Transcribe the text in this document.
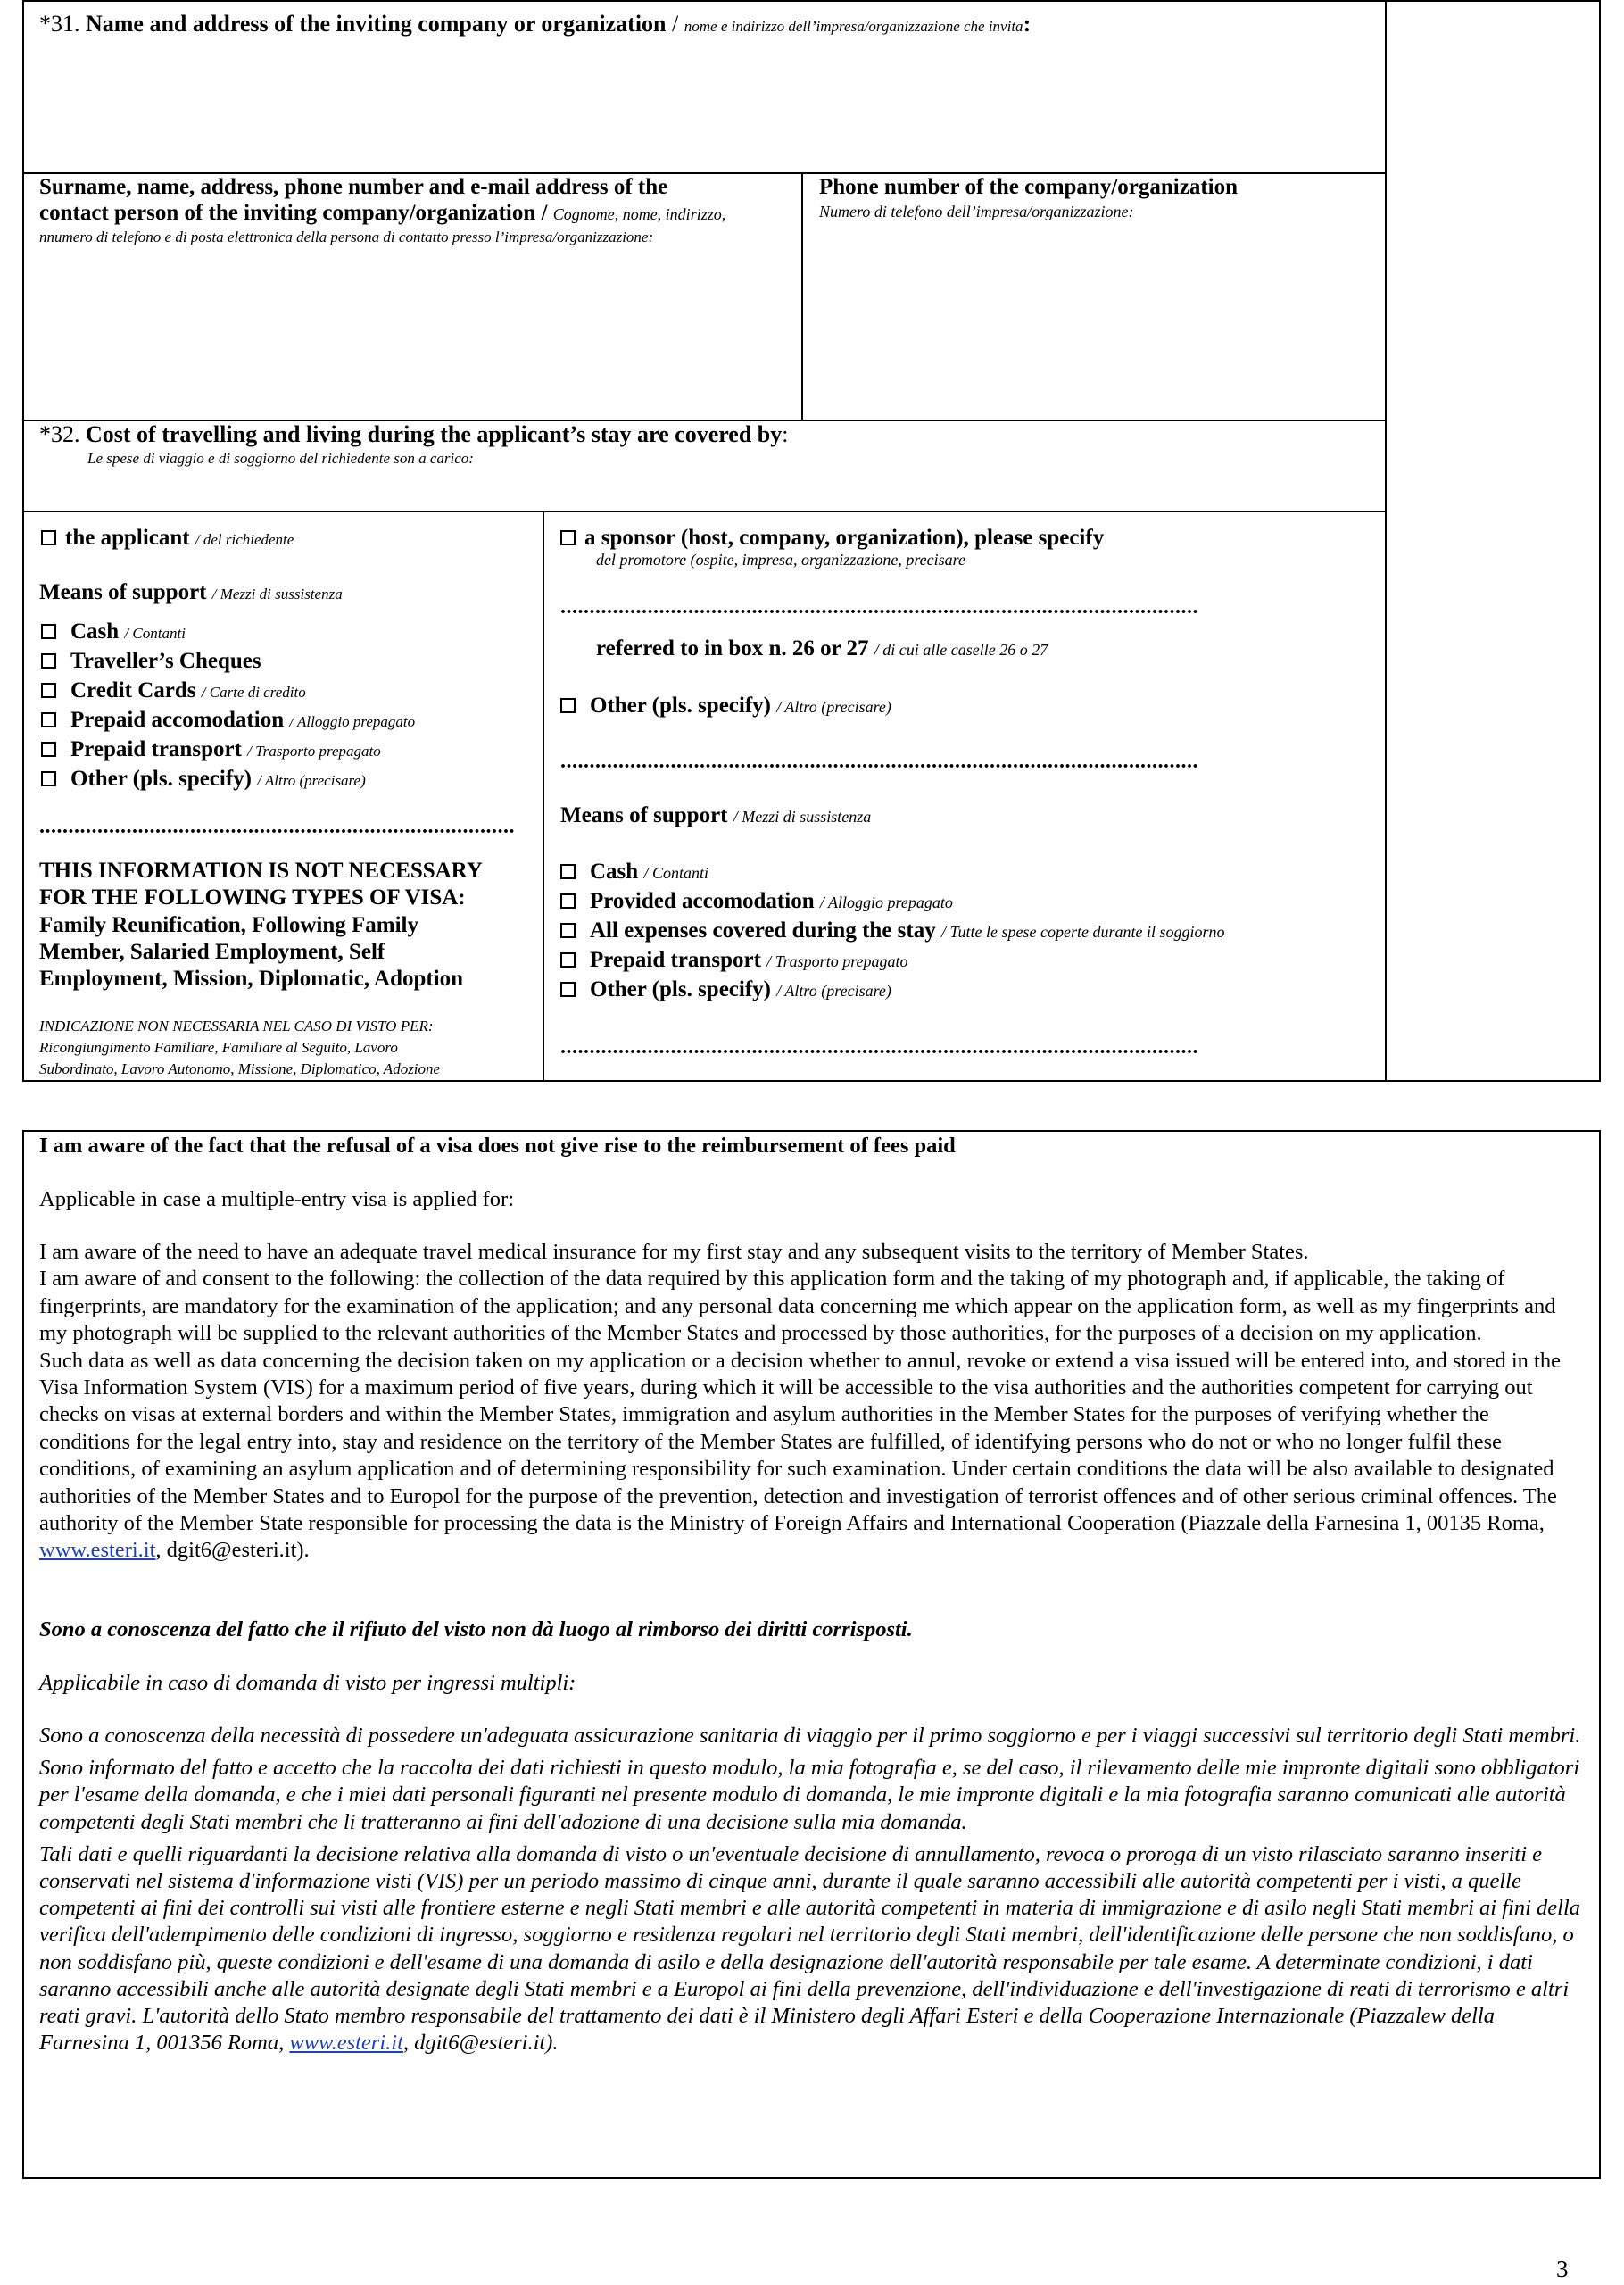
*31. Name and address of the inviting company or organization / nome e indirizzo dell’impresa/organizzazione che invita:
Surname, name, address, phone number and e-mail address of the
contact person of the inviting company/organization / Cognome, nome, indirizzo,
nnumero di telefono e di posta elettronica della persona di contatto presso l’impresa/organizzazione:
Phone number of the company/organization
Numero di telefono dell’impresa/organizzazione:
*32. Cost of travelling and living during the applicant’s stay are covered by:
Le spese di viaggio e di soggiorno del richiedente son a carico:
the applicant / del richiedente
Means of support / Mezzi di sussistenza
Cash / Contanti
Traveller’s Cheques
Credit Cards / Carte di credito
Prepaid accomodation / Alloggio prepagato
Prepaid transport / Trasporto prepagato
Other (pls. specify) / Altro (precisare)
..................................................................................
THIS INFORMATION IS NOT NECESSARY
FOR THE FOLLOWING TYPES OF VISA:
Family Reunification, Following Family
Member, Salaried Employment, Self
Employment, Mission, Diplomatic, Adoption
INDICAZIONE NON NECESSARIA NEL CASO DI VISTO PER:
Ricongiungimento Familiare, Familiare al Seguito, Lavoro
Subordinato, Lavoro Autonomo, Missione, Diplomatico, Adozione
a sponsor (host, company, organization), please specify
del promotore (ospite, impresa, organizzazione, precisare
..............................................................................................................
referred to in box n. 26 or 27 / di cui alle caselle 26 o 27
Other (pls. specify) / Altro (precisare)
..............................................................................................................
Means of support / Mezzi di sussistenza
Cash / Contanti
Provided accomodation / Alloggio prepagato
All expenses covered during the stay / Tutte le spese coperte durante il soggiorno
Prepaid transport / Trasporto prepagato
Other (pls. specify) / Altro (precisare)
..............................................................................................................
I am aware of the fact that the refusal of a visa does not give rise to the reimbursement of fees paid
Applicable in case a multiple-entry visa is applied for:
I am aware of the need to have an adequate travel medical insurance for my first stay and any subsequent visits to the territory of Member States.
I am aware of and consent to the following: the collection of the data required by this application form and the taking of my photograph and, if applicable, the taking of fingerprints, are mandatory for the examination of the application; and any personal data concerning me which appear on the application form, as well as my fingerprints and my photograph will be supplied to the relevant authorities of the Member States and processed by those authorities, for the purposes of a decision on my application.
Such data as well as data concerning the decision taken on my application or a decision whether to annul, revoke or extend a visa issued will be entered into, and stored in the Visa Information System (VIS) for a maximum period of five years, during which it will be accessible to the visa authorities and the authorities competent for carrying out checks on visas at external borders and within the Member States, immigration and asylum authorities in the Member States for the purposes of verifying whether the conditions for the legal entry into, stay and residence on the territory of the Member States are fulfilled, of identifying persons who do not or who no longer fulfil these conditions, of examining an asylum application and of determining responsibility for such examination. Under certain conditions the data will be also available to designated authorities of the Member States and to Europol for the purpose of the prevention, detection and investigation of terrorist offences and of other serious criminal offences. The authority of the Member State responsible for processing the data is the Ministry of Foreign Affairs and International Cooperation (Piazzale della Farnesina 1, 00135 Roma, www.esteri.it, dgit6@esteri.it).
Sono a conoscenza del fatto che il rifiuto del visto non dà luogo al rimborso dei diritti corrisposti.
Applicabile in caso di domanda di visto per ingressi multipli:
Sono a conoscenza della necessità di possedere un'adeguata assicurazione sanitaria di viaggio per il primo soggiorno e per i viaggi successivi sul territorio degli Stati membri.
Sono informato del fatto e accetto che la raccolta dei dati richiesti in questo modulo, la mia fotografia e, se del caso, il rilevamento delle mie impronte digitali sono obbligatori per l'esame della domanda, e che i miei dati personali figuranti nel presente modulo di domanda, le mie impronte digitali e la mia fotografia saranno comunicati alle autorità competenti degli Stati membri che li tratteranno ai fini dell'adozione di una decisione sulla mia domanda.
Tali dati e quelli riguardanti la decisione relativa alla domanda di visto o un'eventuale decisione di annullamento, revoca o proroga di un visto rilasciato saranno inseriti e conservati nel sistema d'informazione visti (VIS) per un periodo massimo di cinque anni, durante il quale saranno accessibili alle autorità competenti per i visti, a quelle competenti ai fini dei controlli sui visti alle frontiere esterne e negli Stati membri e alle autorità competenti in materia di immigrazione e di asilo negli Stati membri ai fini della verifica dell'adempimento delle condizioni di ingresso, soggiorno e residenza regolari nel territorio degli Stati membri, dell'identificazione delle persone che non soddisfano, o non soddisfano più, queste condizioni e dell'esame di una domanda di asilo e della designazione dell'autorità responsabile per tale esame. A determinate condizioni, i dati saranno accessibili anche alle autorità designate degli Stati membri e a Europol ai fini della prevenzione, dell'individuazione e dell'investigazione di reati di terrorismo e altri reati gravi. L'autorità dello Stato membro responsabile del trattamento dei dati è il Ministero degli Affari Esteri e della Cooperazione Internazionale (Piazzalew della Farnesina 1, 001356 Roma, www.esteri.it, dgit6@esteri.it).
3
